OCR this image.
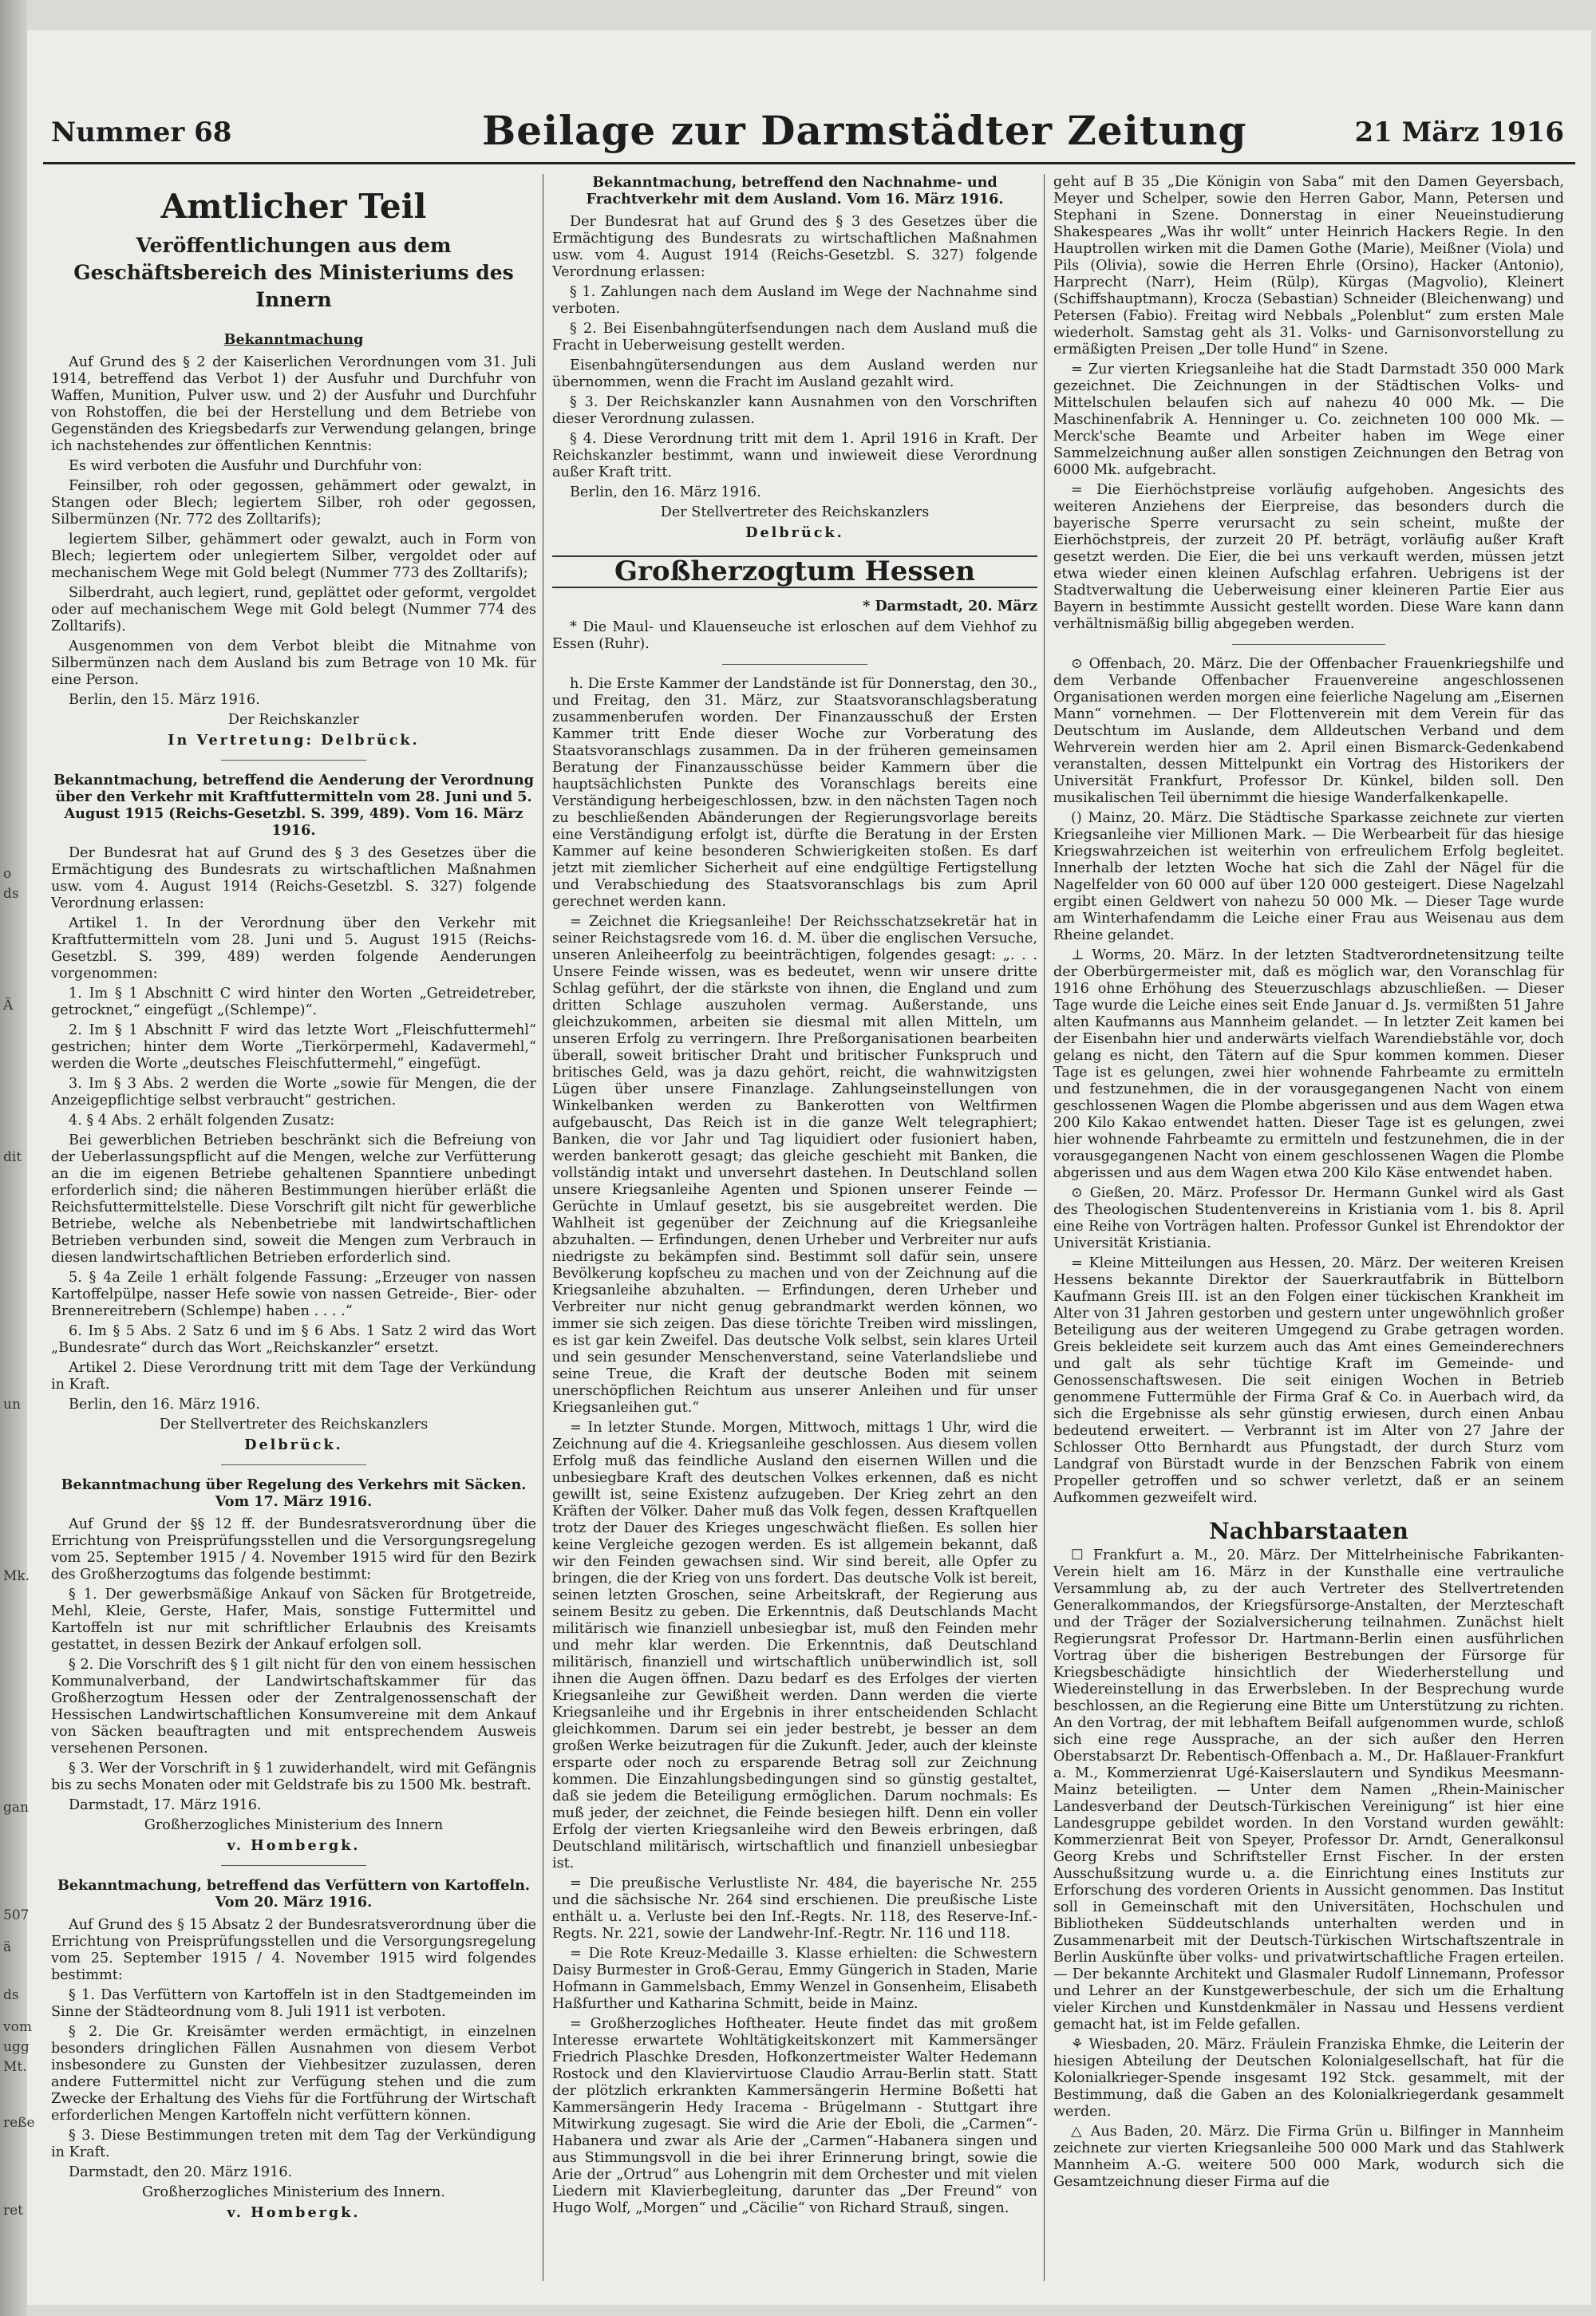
Nummer 68	Beilage zur Darmstädter Zeitung	21 März 1916
Amtlicher Teil
Veröffentlichungen aus dem Geschäftsbereich des Ministeriums des Innern
Bekanntmachung

Auf Grund des § 2 der Kaiserlichen Verordnungen vom 31. Juli 1914, betreffend das Verbot 1) der Ausfuhr und Durchfuhr von Waffen, Munition, Pulver usw. und 2) der Ausfuhr und Durchfuhr von Rohstoffen, die bei der Herstellung und dem Betriebe von Gegenständen des Kriegsbedarfs zur Verwendung gelangen, bringe ich nachstehendes zur öffentlichen Kenntnis:

Es wird verboten die Ausfuhr und Durchfuhr von:

Feinsilber, roh oder gegossen, gehämmert oder gewalzt, in Stangen oder Blech; legiertem Silber, roh oder gegossen, Silbermünzen (Nr. 772 des Zolltarifs);

legiertem Silber, gehämmert oder gewalzt, auch in Form von Blech; legiertem oder unlegiertem Silber, vergoldet oder auf mechanischem Wege mit Gold belegt (Nummer 773 des Zolltarifs);

Silberdraht, auch legiert, rund, geplättet oder geformt, vergoldet oder auf mechanischem Wege mit Gold belegt (Nummer 774 des Zolltarifs).

Ausgenommen von dem Verbot bleibt die Mitnahme von Silbermünzen nach dem Ausland bis zum Betrage von 10 Mk. für eine Person.

Berlin, den 15. März 1916.

Der Reichskanzler

In Vertretung: Delbrück.
Bekanntmachung, betreffend die Aenderung der Verordnung über den Verkehr mit Kraftfuttermitteln vom 28. Juni und 5. August 1915 (Reichs-Gesetzbl. S. 399, 489). Vom 16. März 1916.

Der Bundesrat hat auf Grund des § 3 des Gesetzes über die Ermächtigung des Bundesrats zu wirtschaftlichen Maßnahmen usw. vom 4. August 1914 (Reichs-Gesetzbl. S. 327) folgende Verordnung erlassen:

Artikel 1. In der Verordnung über den Verkehr mit Kraftfuttermitteln vom 28. Juni und 5. August 1915 (Reichs-Gesetzbl. S. 399, 489) werden folgende Aenderungen vorgenommen:

1. Im § 1 Abschnitt C wird hinter den Worten „Getreidetreber, getrocknet,“ eingefügt „(Schlempe)“.

2. Im § 1 Abschnitt F wird das letzte Wort „Fleischfuttermehl“ gestrichen; hinter dem Worte „Tierkörpermehl, Kadavermehl,“ werden die Worte „deutsches Fleischfuttermehl,“ eingefügt.

3. Im § 3 Abs. 2 werden die Worte „sowie für Mengen, die der Anzeigepflichtige selbst verbraucht“ gestrichen.

4. § 4 Abs. 2 erhält folgenden Zusatz:

Bei gewerblichen Betrieben beschränkt sich die Befreiung von der Ueberlassungspflicht auf die Mengen, welche zur Verfütterung an die im eigenen Betriebe gehaltenen Spanntiere unbedingt erforderlich sind; die näheren Bestimmungen hierüber erläßt die Reichsfuttermittelstelle. Diese Vorschrift gilt nicht für gewerbliche Betriebe, welche als Nebenbetriebe mit landwirtschaftlichen Betrieben verbunden sind, soweit die Mengen zum Verbrauch in diesen landwirtschaftlichen Betrieben erforderlich sind.

5. § 4a Zeile 1 erhält folgende Fassung: „Erzeuger von nassen Kartoffelpülpe, nasser Hefe sowie von nassen Getreide-, Bier- oder Brennereitrebern (Schlempe) haben . . . .“

6. Im § 5 Abs. 2 Satz 6 und im § 6 Abs. 1 Satz 2 wird das Wort „Bundesrate“ durch das Wort „Reichskanzler“ ersetzt.

Artikel 2. Diese Verordnung tritt mit dem Tage der Verkündung in Kraft.

Berlin, den 16. März 1916.

Der Stellvertreter des Reichskanzlers

Delbrück.
Bekanntmachung über Regelung des Verkehrs mit Säcken. Vom 17. März 1916.

Auf Grund der §§ 12 ff. der Bundesratsverordnung über die Errichtung von Preisprüfungsstellen und die Versorgungsregelung vom 25. September 1915 / 4. November 1915 wird für den Bezirk des Großherzogtums das folgende bestimmt:

§ 1. Der gewerbsmäßige Ankauf von Säcken für Brotgetreide, Mehl, Kleie, Gerste, Hafer, Mais, sonstige Futtermittel und Kartoffeln ist nur mit schriftlicher Erlaubnis des Kreisamts gestattet, in dessen Bezirk der Ankauf erfolgen soll.

§ 2. Die Vorschrift des § 1 gilt nicht für den von einem hessischen Kommunalverband, der Landwirtschaftskammer für das Großherzogtum Hessen oder der Zentralgenossenschaft der Hessischen Landwirtschaftlichen Konsumvereine mit dem Ankauf von Säcken beauftragten und mit entsprechendem Ausweis versehenen Personen.

§ 3. Wer der Vorschrift in § 1 zuwiderhandelt, wird mit Gefängnis bis zu sechs Monaten oder mit Geldstrafe bis zu 1500 Mk. bestraft.

Darmstadt, 17. März 1916.

Großherzogliches Ministerium des Innern

v. Hombergk.
Bekanntmachung, betreffend das Verfüttern von Kartoffeln. Vom 20. März 1916.

Auf Grund des § 15 Absatz 2 der Bundesratsverordnung über die Errichtung von Preisprüfungsstellen und die Versorgungsregelung vom 25. September 1915 / 4. November 1915 wird folgendes bestimmt:

§ 1. Das Verfüttern von Kartoffeln ist in den Stadtgemeinden im Sinne der Städteordnung vom 8. Juli 1911 ist verboten.

§ 2. Die Gr. Kreisämter werden ermächtigt, in einzelnen besonders dringlichen Fällen Ausnahmen von diesem Verbot insbesondere zu Gunsten der Viehbesitzer zuzulassen, deren andere Futtermittel nicht zur Verfügung stehen und die zum Zwecke der Erhaltung des Viehs für die Fortführung der Wirtschaft erforderlichen Mengen Kartoffeln nicht verfüttern können.

§ 3. Diese Bestimmungen treten mit dem Tag der Verkündigung in Kraft.

Darmstadt, den 20. März 1916.

Großherzogliches Ministerium des Innern.

v. Hombergk.
Bekanntmachung, betreffend den Nachnahme- und Frachtverkehr mit dem Ausland. Vom 16. März 1916.

Der Bundesrat hat auf Grund des § 3 des Gesetzes über die Ermächtigung des Bundesrats zu wirtschaftlichen Maßnahmen usw. vom 4. August 1914 (Reichs-Gesetzbl. S. 327) folgende Verordnung erlassen:

§ 1. Zahlungen nach dem Ausland im Wege der Nachnahme sind verboten.

§ 2. Bei Eisenbahngüterfsendungen nach dem Ausland muß die Fracht in Ueberweisung gestellt werden.

Eisenbahngütersendungen aus dem Ausland werden nur übernommen, wenn die Fracht im Ausland gezahlt wird.

§ 3. Der Reichskanzler kann Ausnahmen von den Vorschriften dieser Verordnung zulassen.

§ 4. Diese Verordnung tritt mit dem 1. April 1916 in Kraft. Der Reichskanzler bestimmt, wann und inwieweit diese Verordnung außer Kraft tritt.

Berlin, den 16. März 1916.

Der Stellvertreter des Reichskanzlers

Delbrück.
Großherzogtum Hessen
* Darmstadt, 20. März

* Die Maul- und Klauenseuche ist erloschen auf dem Viehhof zu Essen (Ruhr).

h. Die Erste Kammer der Landstände ist für Donnerstag, den 30., und Freitag, den 31. März, zur Staatsvoranschlagsberatung zusammenberufen worden. Der Finanzausschuß der Ersten Kammer tritt Ende dieser Woche zur Vorberatung des Staatsvoranschlags zusammen. Da in der früheren gemeinsamen Beratung der Finanzausschüsse beider Kammern über die hauptsächlichsten Punkte des Voranschlags bereits eine Verständigung herbeigeschlossen, bzw. in den nächsten Tagen noch zu beschließenden Abänderungen der Regierungsvorlage bereits eine Verständigung erfolgt ist, dürfte die Beratung in der Ersten Kammer auf keine besonderen Schwierigkeiten stoßen. Es darf jetzt mit ziemlicher Sicherheit auf eine endgültige Fertigstellung und Verabschiedung des Staatsvoranschlags bis zum April gerechnet werden kann.

= Zeichnet die Kriegsanleihe! Der Reichsschatzsekretär hat in seiner Reichstagsrede vom 16. d. M. über die englischen Versuche, unseren Anleiheerfolg zu beeinträchtigen, folgendes gesagt: „. . . Unsere Feinde wissen, was es bedeutet, wenn wir unsere dritte Schlag geführt, der die stärkste von ihnen, die England und zum dritten Schlage auszuholen vermag. Außerstande, uns gleichzukommen, arbeiten sie diesmal mit allen Mitteln, um unseren Erfolg zu verringern. Ihre Preßorganisationen bearbeiten überall, soweit britischer Draht und britischer Funkspruch und britisches Geld, was ja dazu gehört, reicht, die wahnwitzigsten Lügen über unsere Finanzlage. Zahlungseinstellungen von Winkelbanken werden zu Bankerotten von Weltfirmen aufgebauscht, Das Reich ist in die ganze Welt telegraphiert; Banken, die vor Jahr und Tag liquidiert oder fusioniert haben, werden bankerott gesagt; das gleiche geschieht mit Banken, die vollständig intakt und unversehrt dastehen. In Deutschland sollen unsere Kriegsanleihe Agenten und Spionen unserer Feinde — Gerüchte in Umlauf gesetzt, bis sie ausgebreitet werden. Die Wahlheit ist gegenüber der Zeichnung auf die Kriegsanleihe abzuhalten. — Erfindungen, denen Urheber und Verbreiter nur aufs niedrigste zu bekämpfen sind. Bestimmt soll dafür sein, unsere Bevölkerung kopfscheu zu machen und von der Zeichnung auf die Kriegsanleihe abzuhalten. — Erfindungen, deren Urheber und Verbreiter nur nicht genug gebrandmarkt werden können, wo immer sie sich zeigen. Das diese törichte Treiben wird misslingen, es ist gar kein Zweifel. Das deutsche Volk selbst, sein klares Urteil und sein gesunder Menschenverstand, seine Vaterlandsliebe und seine Treue, die Kraft der deutsche Boden mit seinem unerschöpflichen Reichtum aus unserer Anleihen und für unser Kriegsanleihen gut.“

= In letzter Stunde. Morgen, Mittwoch, mittags 1 Uhr, wird die Zeichnung auf die 4. Kriegsanleihe geschlossen. Aus diesem vollen Erfolg muß das feindliche Ausland den eisernen Willen und die unbesiegbare Kraft des deutschen Volkes erkennen, daß es nicht gewillt ist, seine Existenz aufzugeben. Der Krieg zehrt an den Kräften der Völker. Daher muß das Volk fegen, dessen Kraftquellen trotz der Dauer des Krieges ungeschwächt fließen. Es sollen hier keine Vergleiche gezogen werden. Es ist allgemein bekannt, daß wir den Feinden gewachsen sind. Wir sind bereit, alle Opfer zu bringen, die der Krieg von uns fordert. Das deutsche Volk ist bereit, seinen letzten Groschen, seine Arbeitskraft, der Regierung aus seinem Besitz zu geben. Die Erkenntnis, daß Deutschlands Macht militärisch wie finanziell unbesiegbar ist, muß den Feinden mehr und mehr klar werden. Die Erkenntnis, daß Deutschland militärisch, finanziell und wirtschaftlich unüberwindlich ist, soll ihnen die Augen öffnen. Dazu bedarf es des Erfolges der vierten Kriegsanleihe zur Gewißheit werden. Dann werden die vierte Kriegsanleihe und ihr Ergebnis in ihrer entscheidenden Schlacht gleichkommen. Darum sei ein jeder bestrebt, je besser an dem großen Werke beizutragen für die Zukunft. Jeder, auch der kleinste ersparte oder noch zu ersparende Betrag soll zur Zeichnung kommen. Die Einzahlungsbedingungen sind so günstig gestaltet, daß sie jedem die Beteiligung ermöglichen. Darum nochmals: Es muß jeder, der zeichnet, die Feinde besiegen hilft. Denn ein voller Erfolg der vierten Kriegsanleihe wird den Beweis erbringen, daß Deutschland militärisch, wirtschaftlich und finanziell unbesiegbar ist.

= Die preußische Verlustliste Nr. 484, die bayerische Nr. 255 und die sächsische Nr. 264 sind erschienen. Die preußische Liste enthält u. a. Verluste bei den Inf.-Regts. Nr. 118, des Reserve-Inf.-Regts. Nr. 221, sowie der Landwehr-Inf.-Regtr. Nr. 116 und 118.

= Die Rote Kreuz-Medaille 3. Klasse erhielten: die Schwestern Daisy Burmester in Groß-Gerau, Emmy Güngerich in Staden, Marie Hofmann in Gammelsbach, Emmy Wenzel in Gonsenheim, Elisabeth Haßfurther und Katharina Schmitt, beide in Mainz.

= Großherzogliches Hoftheater. Heute findet das mit großem Interesse erwartete Wohltätigkeitskonzert mit Kammersänger Friedrich Plaschke Dresden, Hofkonzertmeister Walter Hedemann Rostock und den Klaviervirtuose Claudio Arrau-Berlin statt. Statt der plötzlich erkrankten Kammersängerin Hermine Boßetti hat Kammersängerin Hedy Iracema - Brügelmann - Stuttgart ihre Mitwirkung zugesagt. Sie wird die Arie der Eboli, die „Carmen“-Habanera und zwar als Arie der „Carmen“-Habanera singen und aus Stimmungsvoll in die bei ihrer Erinnerung bringt, sowie die Arie der „Ortrud“ aus Lohengrin mit dem Orchester und mit vielen Liedern mit Klavierbegleitung, darunter das „Der Freund“ von Hugo Wolf, „Morgen“ und „Cäcilie“ von Richard Strauß, singen.

geht auf B 35 „Die Königin von Saba“ mit den Damen Geyersbach, Meyer und Schelper, sowie den Herren Gabor, Mann, Petersen und Stephani in Szene. Donnerstag in einer Neueinstudierung Shakespeares „Was ihr wollt“ unter Heinrich Hackers Regie. In den Hauptrollen wirken mit die Damen Gothe (Marie), Meißner (Viola) und Pils (Olivia), sowie die Herren Ehrle (Orsino), Hacker (Antonio), Harprecht (Narr), Heim (Rülp), Kürgas (Magvolio), Kleinert (Schiffshauptmann), Krocza (Sebastian) Schneider (Bleichenwang) und Petersen (Fabio). Freitag wird Nebbals „Polenblut“ zum ersten Male wiederholt. Samstag geht als 31. Volks- und Garnisonvorstellung zu ermäßigten Preisen „Der tolle Hund“ in Szene.

= Zur vierten Kriegsanleihe hat die Stadt Darmstadt 350 000 Mark gezeichnet. Die Zeichnungen in der Städtischen Volks- und Mittelschulen belaufen sich auf nahezu 40 000 Mk. — Die Maschinenfabrik A. Henninger u. Co. zeichneten 100 000 Mk. — Merck'sche Beamte und Arbeiter haben im Wege einer Sammelzeichnung außer allen sonstigen Zeichnungen den Betrag von 6000 Mk. aufgebracht.

= Die Eierhöchstpreise vorläufig aufgehoben. Angesichts des weiteren Anziehens der Eierpreise, das besonders durch die bayerische Sperre verursacht zu sein scheint, mußte der Eierhöchstpreis, der zurzeit 20 Pf. beträgt, vorläufig außer Kraft gesetzt werden. Die Eier, die bei uns verkauft werden, müssen jetzt etwa wieder einen kleinen Aufschlag erfahren. Uebrigens ist der Stadtverwaltung die Ueberweisung einer kleineren Partie Eier aus Bayern in bestimmte Aussicht gestellt worden. Diese Ware kann dann verhältnismäßig billig abgegeben werden.

⊙ Offenbach, 20. März. Die der Offenbacher Frauenkriegshilfe und dem Verbande Offenbacher Frauenvereine angeschlossenen Organisationen werden morgen eine feierliche Nagelung am „Eisernen Mann“ vornehmen. — Der Flottenverein mit dem Verein für das Deutschtum im Auslande, dem Alldeutschen Verband und dem Wehrverein werden hier am 2. April einen Bismarck-Gedenkabend veranstalten, dessen Mittelpunkt ein Vortrag des Historikers der Universität Frankfurt, Professor Dr. Künkel, bilden soll. Den musikalischen Teil übernimmt die hiesige Wanderfalkenkapelle.

() Mainz, 20. März. Die Städtische Sparkasse zeichnete zur vierten Kriegsanleihe vier Millionen Mark. — Die Werbearbeit für das hiesige Kriegswahrzeichen ist weiterhin von erfreulichem Erfolg begleitet. Innerhalb der letzten Woche hat sich die Zahl der Nägel für die Nagelfelder von 60 000 auf über 120 000 gesteigert. Diese Nagelzahl ergibt einen Geldwert von nahezu 50 000 Mk. — Dieser Tage wurde am Winterhafendamm die Leiche einer Frau aus Weisenau aus dem Rheine gelandet.

⊥ Worms, 20. März. In der letzten Stadtverordnetensitzung teilte der Oberbürgermeister mit, daß es möglich war, den Voranschlag für 1916 ohne Erhöhung des Steuerzuschlags abzuschließen. — Dieser Tage wurde die Leiche eines seit Ende Januar d. Js. vermißten 51 Jahre alten Kaufmanns aus Mannheim gelandet. — In letzter Zeit kamen bei der Eisenbahn hier und anderwärts vielfach Warendiebstähle vor, doch gelang es nicht, den Tätern auf die Spur kommen kommen. Dieser Tage ist es gelungen, zwei hier wohnende Fahrbeamte zu ermitteln und festzunehmen, die in der vorausgegangenen Nacht von einem geschlossenen Wagen die Plombe abgerissen und aus dem Wagen etwa 200 Kilo Kakao entwendet hatten. Dieser Tage ist es gelungen, zwei hier wohnende Fahrbeamte zu ermitteln und festzunehmen, die in der vorausgegangenen Nacht von einem geschlossenen Wagen die Plombe abgerissen und aus dem Wagen etwa 200 Kilo Käse entwendet haben.

⊙ Gießen, 20. März. Professor Dr. Hermann Gunkel wird als Gast des Theologischen Studentenvereins in Kristiania vom 1. bis 8. April eine Reihe von Vorträgen halten. Professor Gunkel ist Ehrendoktor der Universität Kristiania.

= Kleine Mitteilungen aus Hessen, 20. März. Der weiteren Kreisen Hessens bekannte Direktor der Sauerkrautfabrik in Büttelborn Kaufmann Greis III. ist an den Folgen einer tückischen Krankheit im Alter von 31 Jahren gestorben und gestern unter ungewöhnlich großer Beteiligung aus der weiteren Umgegend zu Grabe getragen worden. Greis bekleidete seit kurzem auch das Amt eines Gemeinderechners und galt als sehr tüchtige Kraft im Gemeinde- und Genossenschaftswesen. Die seit einigen Wochen in Betrieb genommene Futtermühle der Firma Graf & Co. in Auerbach wird, da sich die Ergebnisse als sehr günstig erwiesen, durch einen Anbau bedeutend erweitert. — Verbrannt ist im Alter von 27 Jahre der Schlosser Otto Bernhardt aus Pfungstadt, der durch Sturz vom Landgraf von Bürstadt wurde in der Benzschen Fabrik von einem Propeller getroffen und so schwer verletzt, daß er an seinem Aufkommen gezweifelt wird.

Nachbarstaaten

☐ Frankfurt a. M., 20. März. Der Mittelrheinische Fabrikanten-Verein hielt am 16. März in der Kunsthalle eine vertrauliche Versammlung ab, zu der auch Vertreter des Stellvertretenden Generalkommandos, der Kriegsfürsorge-Anstalten, der Merzteschaft und der Träger der Sozialversicherung teilnahmen. Zunächst hielt Regierungsrat Professor Dr. Hartmann-Berlin einen ausführlichen Vortrag über die bisherigen Bestrebungen der Fürsorge für Kriegsbeschädigte hinsichtlich der Wiederherstellung und Wiedereinstellung in das Erwerbsleben. In der Besprechung wurde beschlossen, an die Regierung eine Bitte um Unterstützung zu richten. An den Vortrag, der mit lebhaftem Beifall aufgenommen wurde, schloß sich eine rege Aussprache, an der sich außer den Herren Oberstabsarzt Dr. Rebentisch-Offenbach a. M., Dr. Haßlauer-Frankfurt a. M., Kommerzienrat Ugé-Kaiserslautern und Syndikus Meesmann-Mainz beteiligten. — Unter dem Namen „Rhein-Mainischer Landesverband der Deutsch-Türkischen Vereinigung“ ist hier eine Landesgruppe gebildet worden. In den Vorstand wurden gewählt: Kommerzienrat Beit von Speyer, Professor Dr. Arndt, Generalkonsul Georg Krebs und Schriftsteller Ernst Fischer. In der ersten Ausschußsitzung wurde u. a. die Einrichtung eines Instituts zur Erforschung des vorderen Orients in Aussicht genommen. Das Institut soll in Gemeinschaft mit den Universitäten, Hochschulen und Bibliotheken Süddeutschlands unterhalten werden und in Zusammenarbeit mit der Deutsch-Türkischen Wirtschaftszentrale in Berlin Auskünfte über volks- und privatwirtschaftliche Fragen erteilen. — Der bekannte Architekt und Glasmaler Rudolf Linnemann, Professor und Lehrer an der Kunstgewerbeschule, der sich um die Erhaltung vieler Kirchen und Kunstdenkmäler in Nassau und Hessens verdient gemacht hat, ist im Felde gefallen.

⚘ Wiesbaden, 20. März. Fräulein Franziska Ehmke, die Leiterin der hiesigen Abteilung der Deutschen Kolonialgesellschaft, hat für die Kolonialkrieger-Spende insgesamt 192 Stck. gesammelt, mit der Bestimmung, daß die Gaben an des Kolonialkriegerdank gesammelt werden.

△ Aus Baden, 20. März. Die Firma Grün u. Bilfinger in Mannheim zeichnete zur vierten Kriegsanleihe 500 000 Mark und das Stahlwerk Mannheim A.-G. weitere 500 000 Mark, wodurch sich die Gesamtzeichnung dieser Firma auf die

o
ds
Ä
dit
un
Mk.
gan
507
ä
ds
vom
ugg
Mt.
reße
ret
